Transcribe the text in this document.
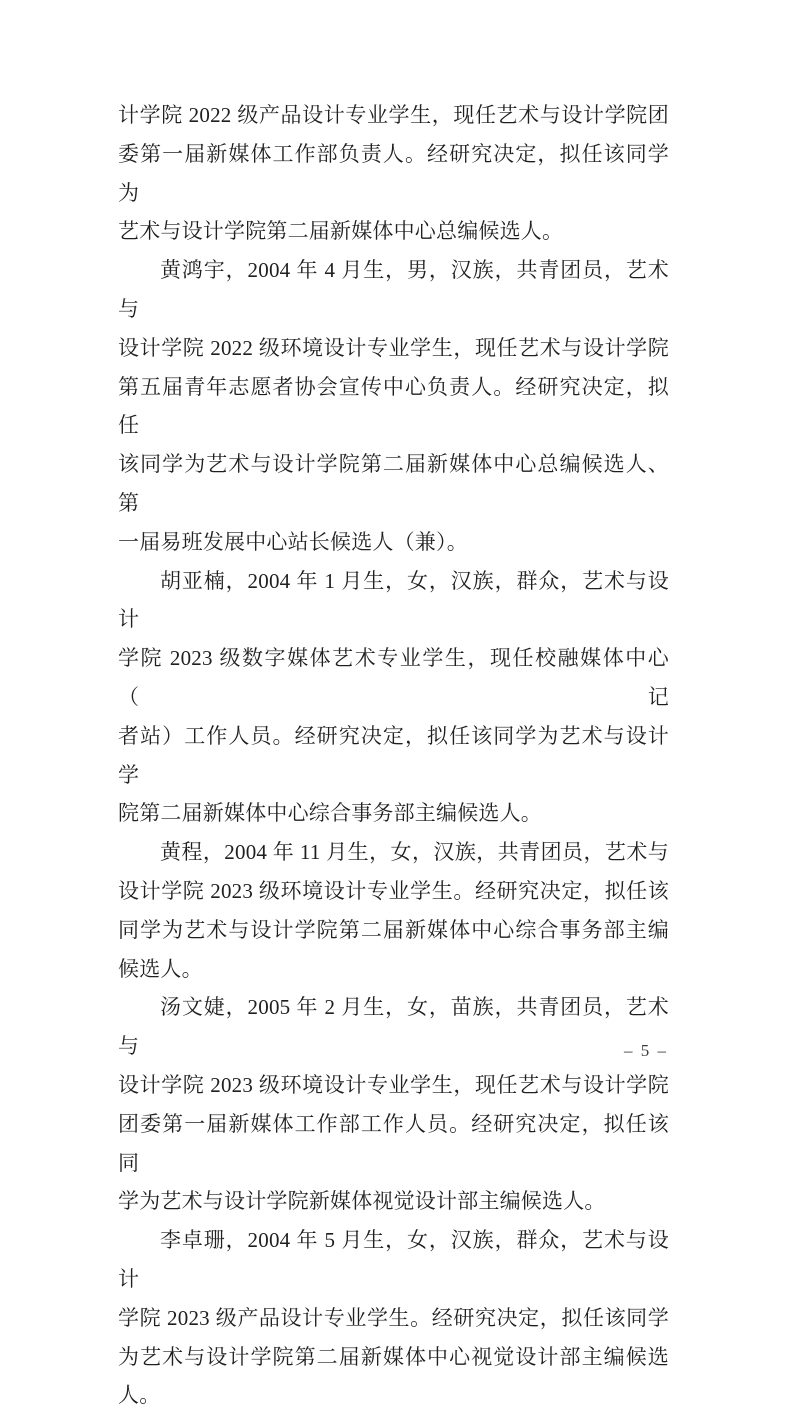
计学院 2022 级产品设计专业学生，现任艺术与设计学院团
委第一届新媒体工作部负责人。经研究决定，拟任该同学为
艺术与设计学院第二届新媒体中心总编候选人。
黄鸿宇，2004 年 4 月生，男，汉族，共青团员，艺术与
设计学院 2022 级环境设计专业学生，现任艺术与设计学院
第五届青年志愿者协会宣传中心负责人。经研究决定，拟任
该同学为艺术与设计学院第二届新媒体中心总编候选人、第
一届易班发展中心站长候选人（兼）。
胡亚楠，2004 年 1 月生，女，汉族，群众，艺术与设计
学院 2023 级数字媒体艺术专业学生，现任校融媒体中心（记
者站）工作人员。经研究决定，拟任该同学为艺术与设计学
院第二届新媒体中心综合事务部主编候选人。
黄程，2004 年 11 月生，女，汉族，共青团员，艺术与
设计学院 2023 级环境设计专业学生。经研究决定，拟任该
同学为艺术与设计学院第二届新媒体中心综合事务部主编
候选人。
汤文婕，2005 年 2 月生，女，苗族，共青团员，艺术与
设计学院 2023 级环境设计专业学生，现任艺术与设计学院
团委第一届新媒体工作部工作人员。经研究决定，拟任该同
学为艺术与设计学院新媒体视觉设计部主编候选人。
李卓珊，2004 年 5 月生，女，汉族，群众，艺术与设计
学院 2023 级产品设计专业学生。经研究决定，拟任该同学
为艺术与设计学院第二届新媒体中心视觉设计部主编候选
人。
– 5 –
